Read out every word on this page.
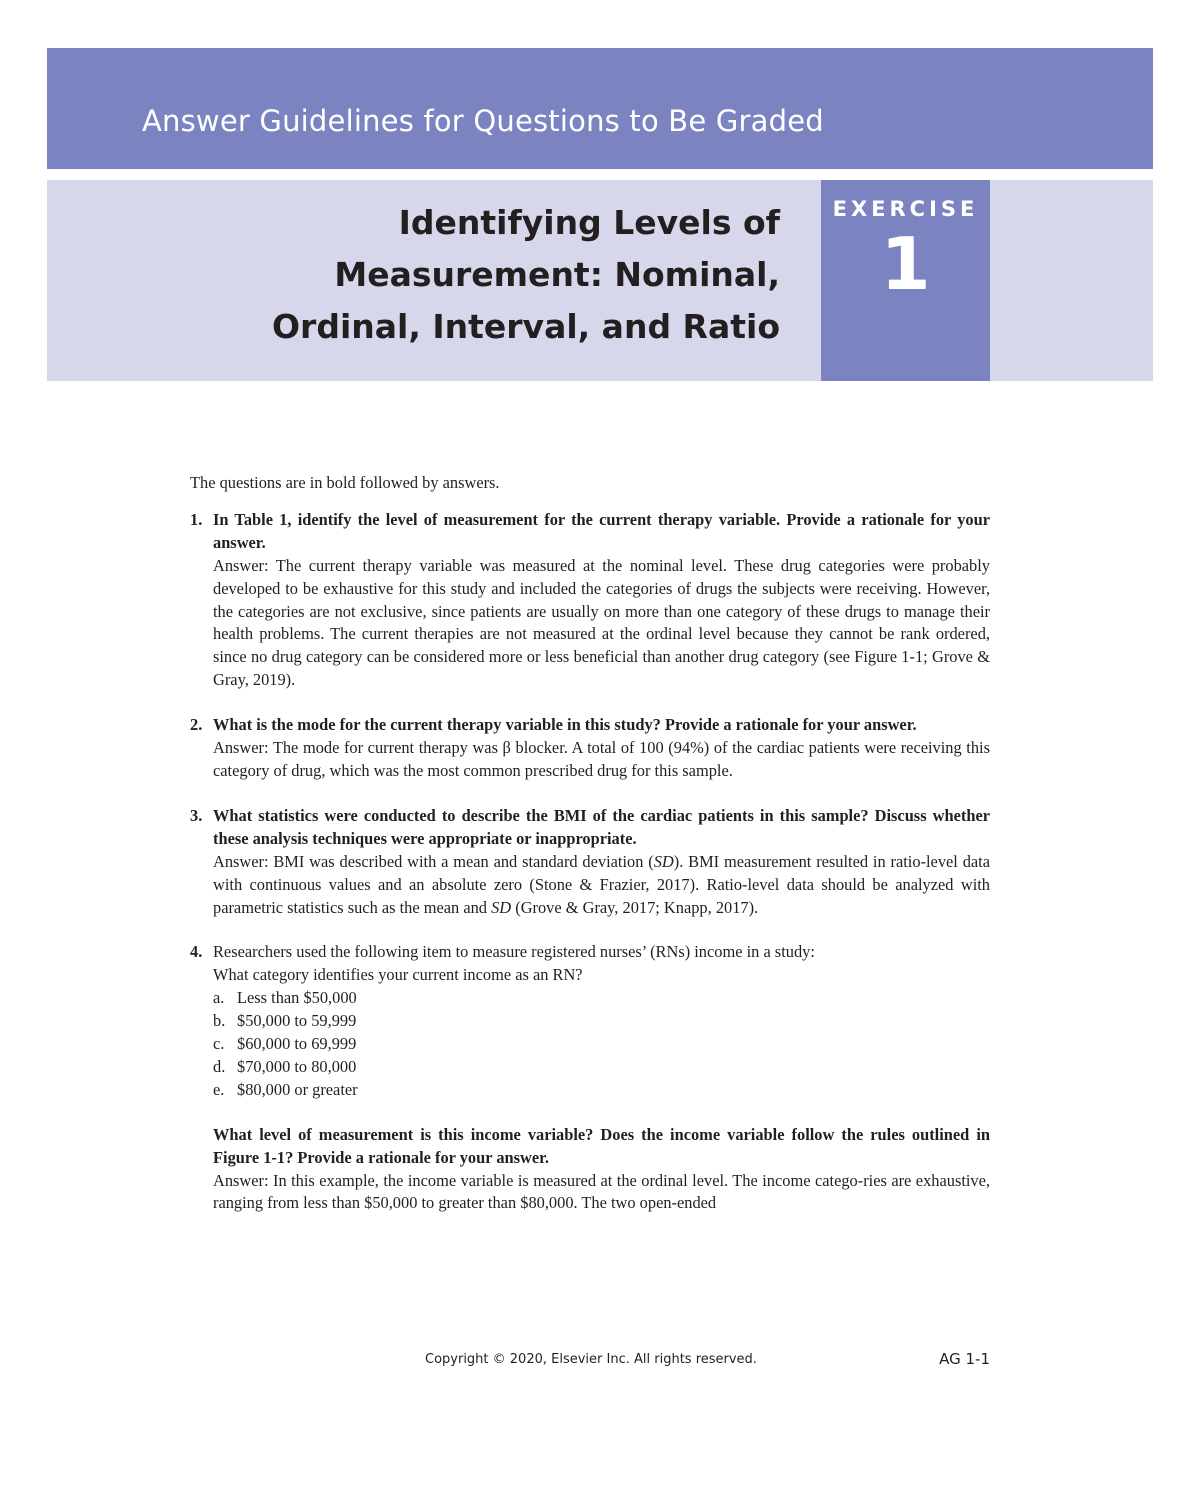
Answer Guidelines for Questions to Be Graded
Identifying Levels of
Measurement: Nominal,
Ordinal, Interval, and Ratio
EXERCISE
1

The questions are in bold followed by answers.

1. In Table 1, identify the level of measurement for the current therapy variable. Provide a rationale for your answer.
Answer: The current therapy variable was measured at the nominal level. These drug categories were probably developed to be exhaustive for this study and included the categories of drugs the subjects were receiving. However, the categories are not exclusive, since patients are usually on more than one category of these drugs to manage their health problems. The current therapies are not measured at the ordinal level because they cannot be rank ordered, since no drug category can be considered more or less beneficial than another drug category (see Figure 1-1; Grove & Gray, 2019).
2. What is the mode for the current therapy variable in this study? Provide a rationale for your answer.
Answer: The mode for current therapy was β blocker. A total of 100 (94%) of the cardiac patients were receiving this category of drug, which was the most common prescribed drug for this sample.
3. What statistics were conducted to describe the BMI of the cardiac patients in this sample? Discuss whether these analysis techniques were appropriate or inappropriate.
Answer: BMI was described with a mean and standard deviation (SD). BMI measurement resulted in ratio-level data with continuous values and an absolute zero (Stone & Frazier, 2017). Ratio-level data should be analyzed with parametric statistics such as the mean and SD (Grove & Gray, 2017; Knapp, 2017).
4. Researchers used the following item to measure registered nurses’ (RNs) income in a study:
What category identifies your current income as an RN?
a. Less than $50,000
b. $50,000 to 59,999
c. $60,000 to 69,999
d. $70,000 to 80,000
e. $80,000 or greater
What level of measurement is this income variable? Does the income variable follow the rules outlined in Figure 1-1? Provide a rationale for your answer.
Answer: In this example, the income variable is measured at the ordinal level. The income catego-ries are exhaustive, ranging from less than $50,000 to greater than $80,000. The two open-ended
Copyright © 2020, Elsevier Inc. All rights reserved.	AG 1-1
